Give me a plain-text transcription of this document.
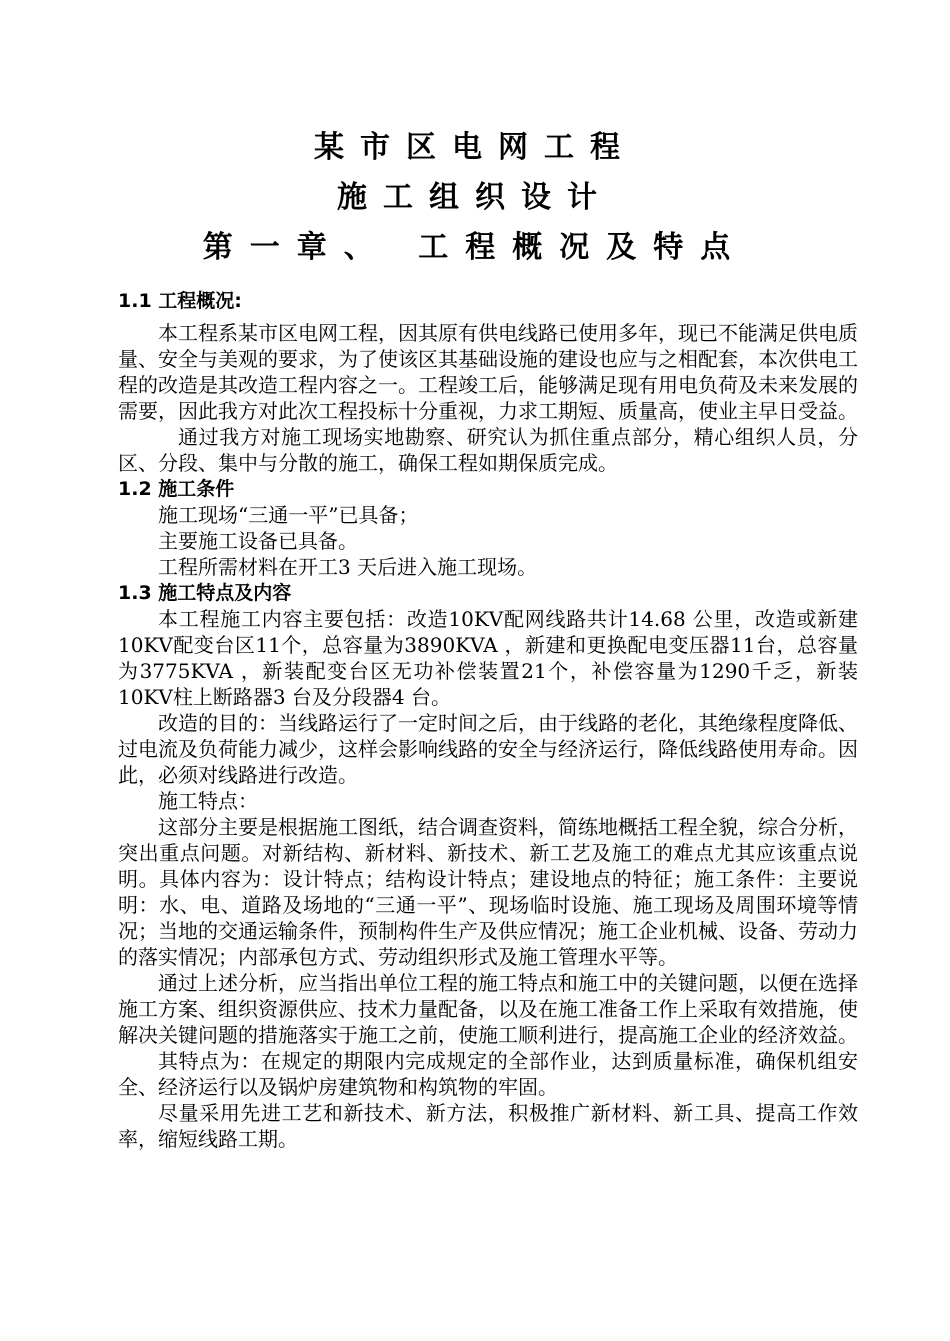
某市区电网工程
施工组织设计
第一章、 工程概况及特点
1.1 工程概况:

本工程系某市区电网工程，因其原有供电线路已使用多年，现已不能满足供电质量、安全与美观的要求，为了使该区其基础设施的建设也应与之相配套，本次供电工程的改造是其改造工程内容之一。工程竣工后，能够满足现有用电负荷及未来发展的需要，因此我方对此次工程投标十分重视，力求工期短、质量高，使业主早日受益。

通过我方对施工现场实地勘察、研究认为抓住重点部分，精心组织人员，分区、分段、集中与分散的施工，确保工程如期保质完成。

1.2 施工条件

施工现场“三通一平”已具备；

主要施工设备已具备。

工程所需材料在开工3 天后进入施工现场。

1.3 施工特点及内容

本工程施工内容主要包括：改造10KV配网线路共计14.68 公里，改造或新建10KV配变台区11个，总容量为3890KVA ，新建和更换配电变压器11台，总容量为3775KVA ，新装配变台区无功补偿装置21个，补偿容量为1290千乏，新装10KV柱上断路器3 台及分段器4 台。

改造的目的：当线路运行了一定时间之后，由于线路的老化，其绝缘程度降低、过电流及负荷能力减少，这样会影响线路的安全与经济运行，降低线路使用寿命。因此，必须对线路进行改造。

施工特点：

这部分主要是根据施工图纸，结合调查资料，简练地概括工程全貌，综合分析，突出重点问题。对新结构、新材料、新技术、新工艺及施工的难点尤其应该重点说明。具体内容为：设计特点；结构设计特点；建设地点的特征；施工条件：主要说明：水、电、道路及场地的“三通一平”、现场临时设施、施工现场及周围环境等情况；当地的交通运输条件，预制构件生产及供应情况；施工企业机械、设备、劳动力的落实情况；内部承包方式、劳动组织形式及施工管理水平等。

通过上述分析，应当指出单位工程的施工特点和施工中的关键问题，以便在选择施工方案、组织资源供应、技术力量配备，以及在施工准备工作上采取有效措施，使解决关键问题的措施落实于施工之前，使施工顺利进行，提高施工企业的经济效益。

其特点为：在规定的期限内完成规定的全部作业，达到质量标准，确保机组安全、经济运行以及锅炉房建筑物和构筑物的牢固。

尽量采用先进工艺和新技术、新方法，积极推广新材料、新工具、提高工作效率，缩短线路工期。
